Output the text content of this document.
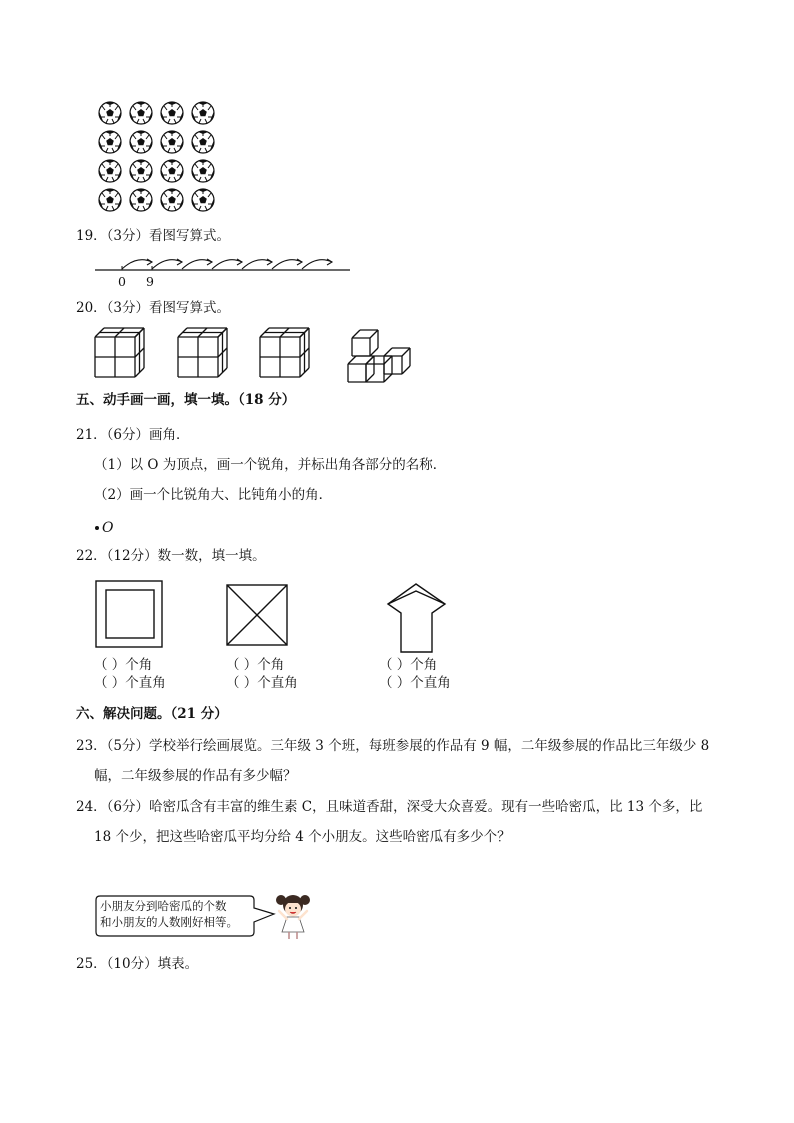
19．（3分）看图写算式。
0 9
20．（3分）看图写算式。
五、动手画一画，填一填。（18 分）
21．（6分）画角．
（1）以 O 为顶点，画一个锐角，并标出角各部分的名称．
（2）画一个比锐角大、比钝角小的角．
O
22．（12分）数一数，填一填。
（ ）个角
（ ）个直角
（ ）个角
（ ）个直角
（ ）个角
（ ）个直角
六、解决问题。（21 分）
23．（5分）学校举行绘画展览。三年级 3 个班，每班参展的作品有 9 幅，二年级参展的作品比三年级少 8
幅，二年级参展的作品有多少幅？
24．（6分）哈密瓜含有丰富的维生素 C，且味道香甜，深受大众喜爱。现有一些哈密瓜，比 13 个多，比
18 个少，把这些哈密瓜平均分给 4 个小朋友。这些哈密瓜有多少个？
小朋友分到哈密瓜的个数
和小朋友的人数刚好相等。
25．（10分）填表。
